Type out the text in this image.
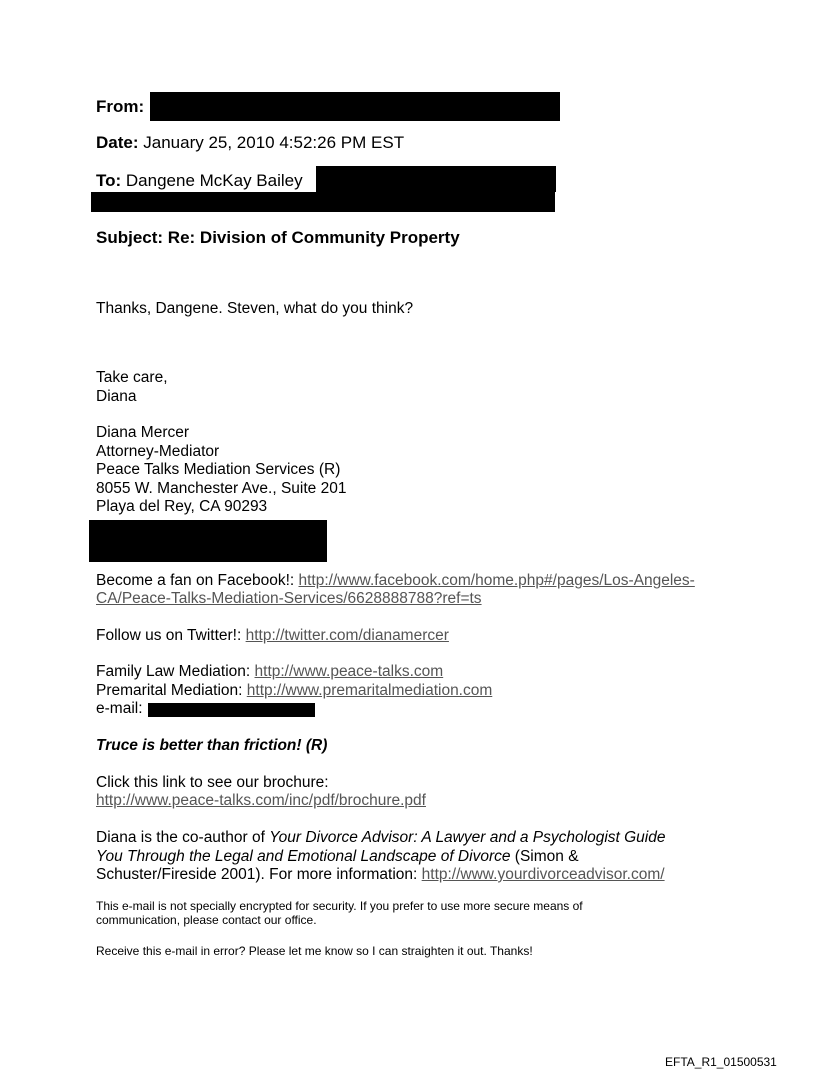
From:
Date: January 25, 2010 4:52:26 PM EST
To: Dangene McKay Bailey
Subject: Re: Division of Community Property
Thanks, Dangene. Steven, what do you think?
Take care,
Diana
Diana Mercer
Attorney-Mediator
Peace Talks Mediation Services (R)
8055 W. Manchester Ave., Suite 201
Playa del Rey, CA 90293
Become a fan on Facebook!: http://www.facebook.com/home.php#/pages/Los-Angeles-
CA/Peace-Talks-Mediation-Services/6628888788?ref=ts
Follow us on Twitter!: http://twitter.com/dianamercer
Family Law Mediation: http://www.peace-talks.com
Premarital Mediation: http://www.premaritalmediation.com
e-mail:
Truce is better than friction! (R)
Click this link to see our brochure:
http://www.peace-talks.com/inc/pdf/brochure.pdf
Diana is the co-author of Your Divorce Advisor: A Lawyer and a Psychologist Guide
You Through the Legal and Emotional Landscape of Divorce (Simon &
Schuster/Fireside 2001). For more information: http://www.yourdivorceadvisor.com/
This e-mail is not specially encrypted for security. If you prefer to use more secure means of
communication, please contact our office.
Receive this e-mail in error? Please let me know so I can straighten it out. Thanks!
EFTA_R1_01500531
